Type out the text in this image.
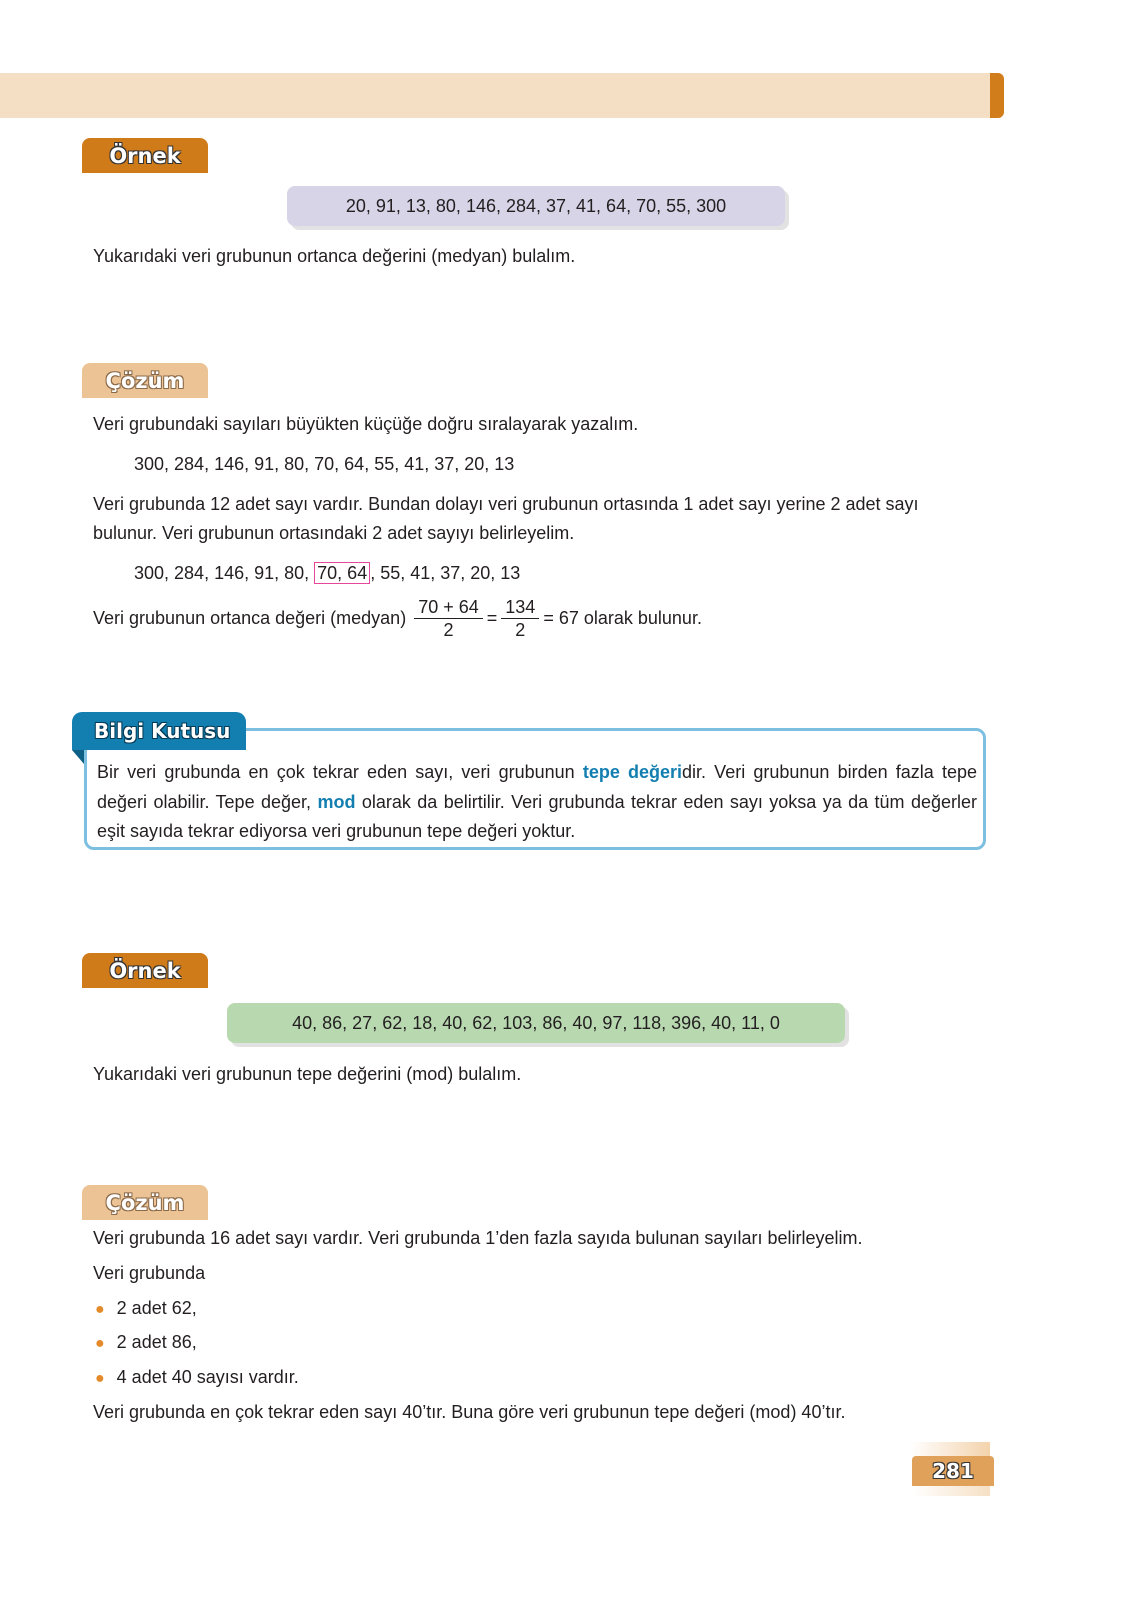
Örnek
20, 91, 13, 80, 146, 284, 37, 41, 64, 70, 55, 300
Yukarıdaki veri grubunun ortanca değerini (medyan) bulalım.
Çözüm
Veri grubundaki sayıları büyükten küçüğe doğru sıralayarak yazalım.
300, 284, 146, 91, 80, 70, 64, 55, 41, 37, 20, 13
Veri grubunda 12 adet sayı vardır. Bundan dolayı veri grubunun ortasında 1 adet sayı yerine 2 adet sayı
bulunur. Veri grubunun ortasındaki 2 adet sayıyı belirleyelim.
300, 284, 146, 91, 80, 70, 64 , 55, 41, 37, 20, 13
Veri grubunun ortanca değeri (medyan) $\frac{70 + 64}{2} = \frac{134}{2} = 67$ olarak bulunur.
Bilgi Kutusu
Bir veri grubunda en çok tekrar eden sayı, veri grubunun tepe değeridir. Veri grubunun birden fazla tepe değeri olabilir. Tepe değer, mod olarak da belirtilir. Veri grubunda tekrar eden sayı yoksa ya da tüm değerler eşit sayıda tekrar ediyorsa veri grubunun tepe değeri yoktur.
Örnek
40, 86, 27, 62, 18, 40, 62, 103, 86, 40, 97, 118, 396, 40, 11, 0
Yukarıdaki veri grubunun tepe değerini (mod) bulalım.
Çözüm
Veri grubunda 16 adet sayı vardır. Veri grubunda 1’den fazla sayıda bulunan sayıları belirleyelim.
Veri grubunda
● 2 adet 62,
● 2 adet 86,
● 4 adet 40 sayısı vardır.
Veri grubunda en çok tekrar eden sayı 40’tır. Buna göre veri grubunun tepe değeri (mod) 40’tır.
281
